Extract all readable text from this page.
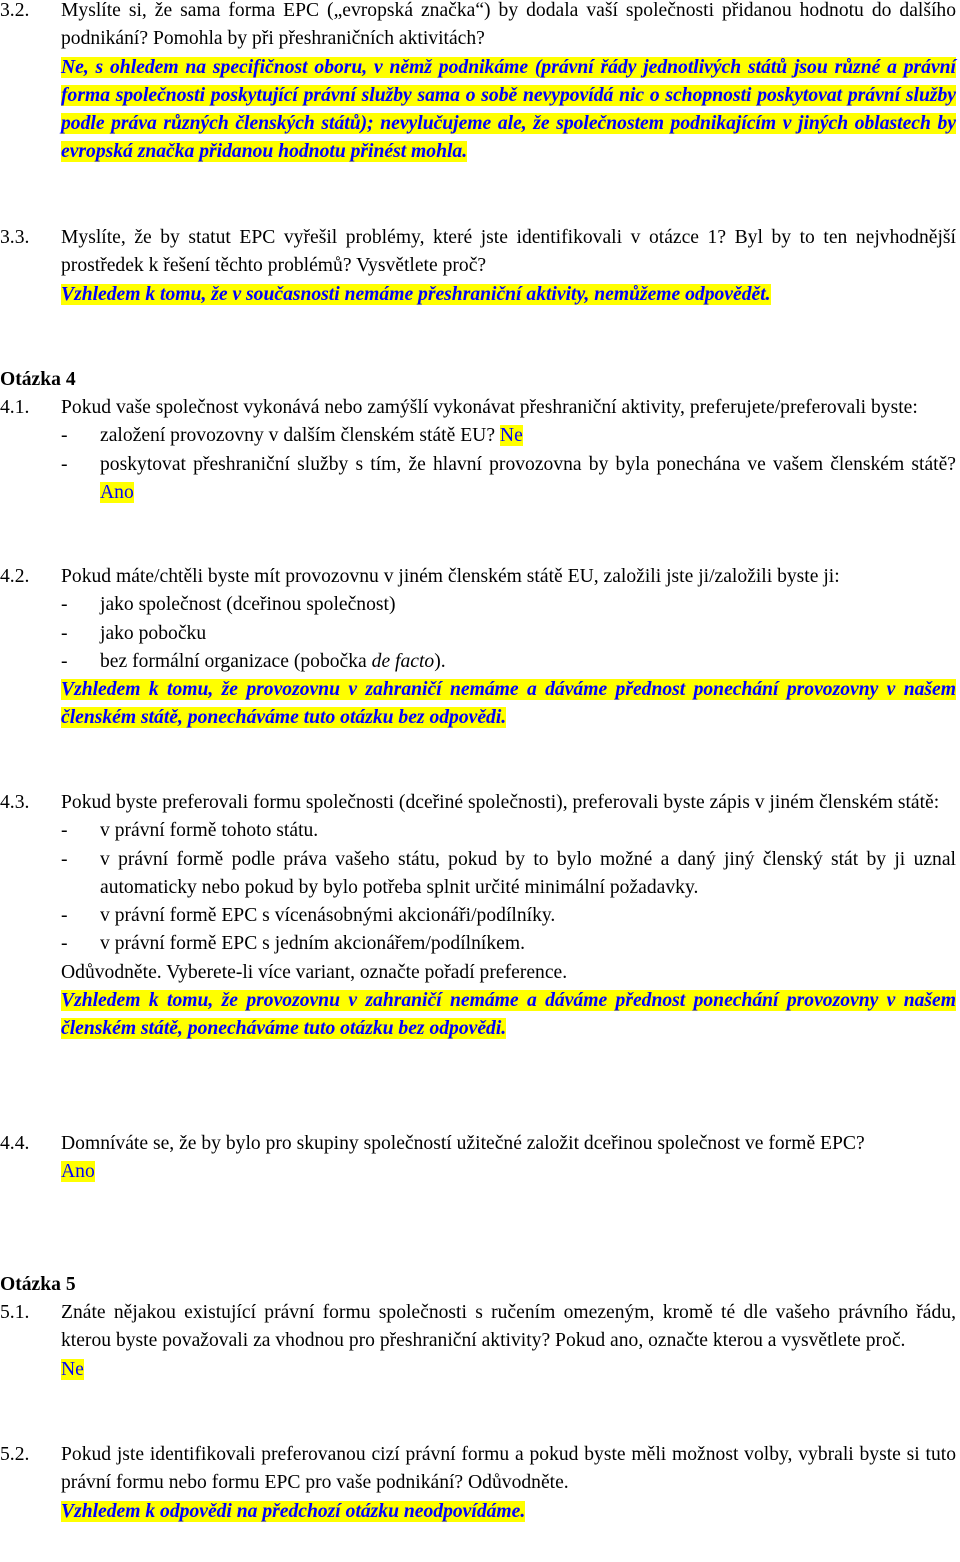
3.2.	Myslíte si, že sama forma EPC („evropská značka“) by dodala vaší společnosti přidanou hodnotu do dalšího podnikání? Pomohla by při přeshraničních aktivitách?

Ne, s ohledem na specifičnost oboru, v němž podnikáme (právní řády jednotlivých států jsou různé a právní forma společnosti poskytující právní služby sama o sobě nevypovídá nic o schopnosti poskytovat právní služby podle práva různých členských států); nevylučujeme ale, že společnostem podnikajícím v jiných oblastech by evropská značka přidanou hodnotu přinést mohla.

3.3.	Myslíte, že by statut EPC vyřešil problémy, které jste identifikovali v otázce 1? Byl by to ten nejvhodnější prostředek k řešení těchto problémů? Vysvětlete proč?

Vzhledem k tomu, že v současnosti nemáme přeshraniční aktivity, nemůžeme odpovědět.

Otázka 4
4.1.	Pokud vaše společnost vykonává nebo zamýšlí vykonávat přeshraniční aktivity, preferujete/preferovali byste:

- založení provozovny v dalším členském státě EU? Ne
- poskytovat přeshraniční služby s tím, že hlavní provozovna by byla ponechána ve vašem členském státě? Ano
4.2.	Pokud máte/chtěli byste mít provozovnu v jiném členském státě EU, založili jste ji/založili byste ji:

- jako společnost (dceřinou společnost)
- jako pobočku
- bez formální organizace (pobočka de facto).

Vzhledem k tomu, že provozovnu v zahraničí nemáme a dáváme přednost ponechání provozovny v našem členském státě, ponecháváme tuto otázku bez odpovědi.

4.3.	Pokud byste preferovali formu společnosti (dceřiné společnosti), preferovali byste zápis v jiném členském státě:

- v právní formě tohoto státu.
- v právní formě podle práva vašeho státu, pokud by to bylo možné a daný jiný členský stát by ji uznal automaticky nebo pokud by bylo potřeba splnit určité minimální požadavky.
- v právní formě EPC s vícenásobnými akcionáři/podílníky.
- v právní formě EPC s jedním akcionářem/podílníkem.

Odůvodněte. Vyberete-li více variant, označte pořadí preference.

Vzhledem k tomu, že provozovnu v zahraničí nemáme a dáváme přednost ponechání provozovny v našem členském státě, ponecháváme tuto otázku bez odpovědi.

4.4.	Domníváte se, že by bylo pro skupiny společností užitečné založit dceřinou společnost ve formě EPC?

Ano

Otázka 5
5.1.	Znáte nějakou existující právní formu společnosti s ručením omezeným, kromě té dle vašeho právního řádu, kterou byste považovali za vhodnou pro přeshraniční aktivity? Pokud ano, označte kterou a vysvětlete proč.

Ne

5.2.	Pokud jste identifikovali preferovanou cizí právní formu a pokud byste měli možnost volby, vybrali byste si tuto právní formu nebo formu EPC pro vaše podnikání? Odůvodněte.

Vzhledem k odpovědi na předchozí otázku neodpovídáme.
